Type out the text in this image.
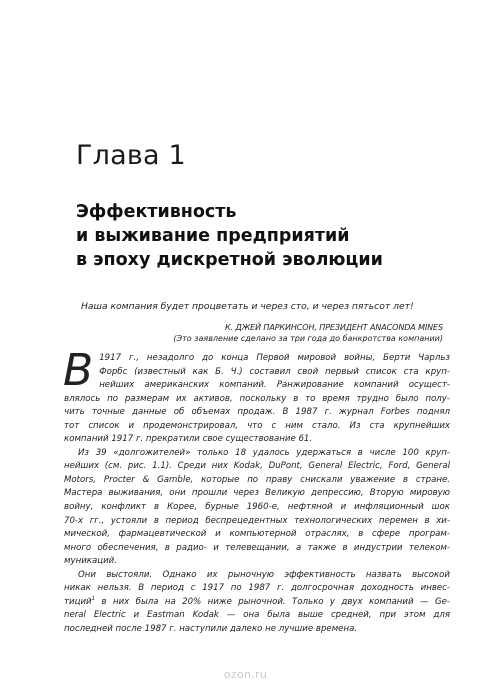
Глава 1
Эффективность
и выживание предприятий
в эпоху дискретной эволюции
Наша компания будет процветать и через сто, и через пятьсот лет!
К. ДЖЕЙ ПАРКИНСОН, ПРЕЗИДЕНТ ANACONDA MINES
(Это заявление сделано за три года до банкротства компании)
В 1917 г., незадолго до конца Первой мировой войны, Берти Чарльз
Форбс (известный как Б. Ч.) составил свой первый список ста круп-
нейших американских компаний. Ранжирование компаний осущест-
влялось по размерам их активов, поскольку в то время трудно было полу-
чить точные данные об объемах продаж. В 1987 г. журнал Forbes поднял
тот список и продемонстрировал, что с ним стало. Из ста крупнейших
компаний 1917 г. прекратили свое существование 61.
Из 39 «долгожителей» только 18 удалось удержаться в числе 100 круп-
нейших (см. рис. 1.1). Среди них Kodak, DuPont, General Electric, Ford, General
Motors, Procter & Gamble, которые по праву снискали уважение в стране.
Мастера выживания, они прошли через Великую депрессию, Вторую мировую
войну, конфликт в Корее, бурные 1960-е, нефтяной и инфляционный шок
70-х гг., устояли в период беспрецедентных технологических перемен в хи-
мической, фармацевтической и компьютерной отраслях, в сфере програм-
много обеспечения, в радио- и телевещании, а также в индустрии телеком-
муникаций.
Они выстояли. Однако их рыночную эффективность назвать высокой
никак нельзя. В период с 1917 по 1987 г. долгосрочная доходность инвес-
тиций$^1$ в них была на 20% ниже рыночной. Только у двух компаний — Ge-
neral Electric и Eastman Kodak — она была выше средней, при этом для
последней после 1987 г. наступили далеко не лучшие времена.
ozon.ru
